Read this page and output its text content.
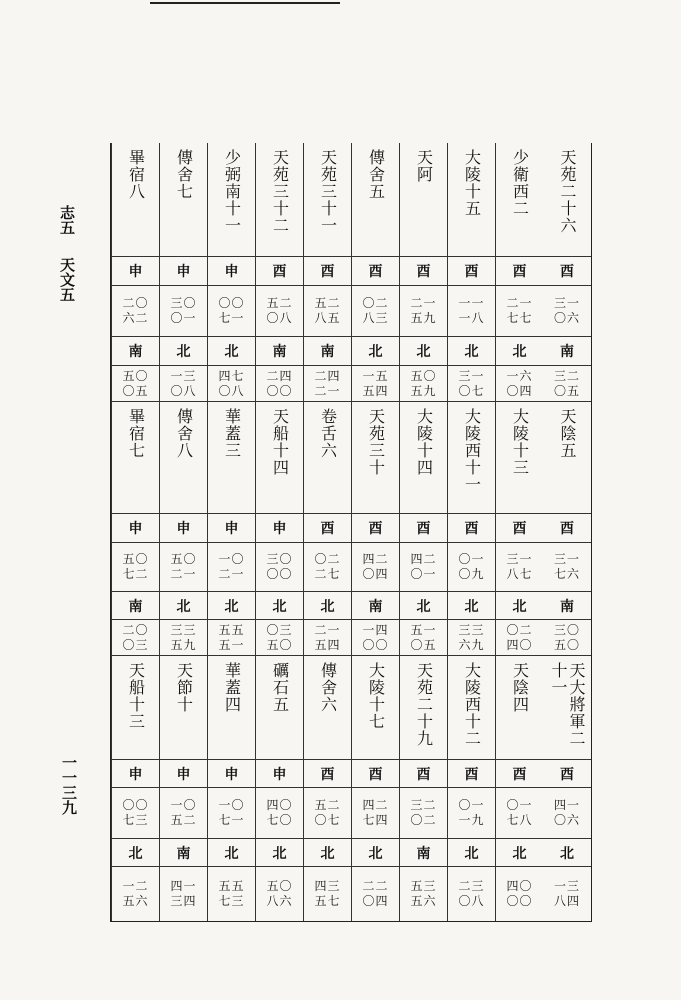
志五天文五
一一三九
天苑二十六
酉
三一〇六
南
三二〇五
天陰五
酉
三一七六
南
三〇五〇
天大將軍二十一
酉
四一〇六
北
一三八四
少衛西二
酉
二一七七
北
一六〇四
大陵十三
酉
三一八七
北
〇二四〇
天陰四
酉
〇一七八
北
四〇〇〇
大陵十五
酉
一一一八
北
三一〇七
大陵西十一
酉
〇一〇九
北
三三六九
大陵西十二
酉
〇一一九
北
二三〇八
天阿
酉
二一五九
北
五〇五九
大陵十四
酉
四二〇一
北
五一〇五
天苑二十九
酉
三二〇二
南
五三五六
傳舍五
酉
〇二八三
北
一五五四
天苑三十
酉
四二〇四
南
一四〇〇
大陵十七
酉
四二七四
北
二二〇四
天苑三十一
酉
五二八五
南
二四二一
卷舌六
酉
〇二二七
北
二一五四
傳舍六
酉
五二〇七
北
四三五七
天苑三十二
酉
五二〇八
南
二四〇〇
天船十四
申
三〇〇〇
北
〇三五〇
礪石五
申
四〇七〇
北
五〇八六
少弼南十一
申
〇〇七一
北
四七〇八
華蓋三
申
一〇二一
北
五五五一
華蓋四
申
一〇七一
北
五五七三
傳舍七
申
三〇〇一
北
一三〇八
傳舍八
申
五〇二一
北
三三五九
天節十
申
一〇五二
南
四一三四
畢宿八
申
二〇六二
南
五〇〇五
畢宿七
申
五〇七二
南
二〇〇三
天船十三
申
〇〇七三
北
一二五六
